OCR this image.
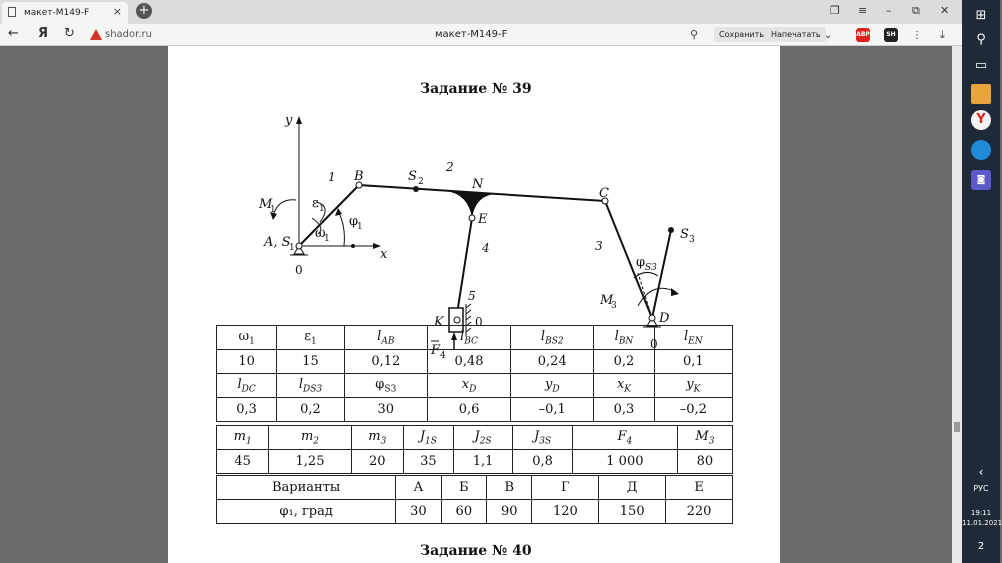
макет-M149-F × +	❐ ≡ – ⧉ ✕
← Я ↻	shador.ru	макет-M149-F	⚲	Сохранить Напечатать ⌄	ABP	SH ⋮ ⤓
Задание № 39
y
x
B	S 2
1
2
N
C
E
4	3
5
S 3
φ S3
M
3
M
1	ε 1
ω
1
φ
1
A, S
1
0
K	0	D
0
F 4
$\omega_1$	$\varepsilon_1$	$l_{AB}$	$l_{BC}$	$l_{BS2}$	$l_{BN}$	$l_{EN}$
10	15	0,12	0,48	0,24	0,2	0,1
$l_{DC}$	$l_{DS3}$	$\varphi_{S3}$	$x_D$	$y_D$	$x_K$	$y_K$
0,3	0,2	30	0,6	–0,1	0,3	–0,2
$m_1$	$m_2$	$m_3$	$J_{1S}$	$J_{2S}$	$J_{3S}$	$F_4$	$M_3$
45	1,25	20	35	1,1	0,8	1 000	80
Варианты	А	Б	В	Г	Д	Е
φ₁, град	30	60	90	120	150	220
Задание № 40
⊞
⚲
▭
Y
◙
‹
РУС
19:11
11.01.2021
2
